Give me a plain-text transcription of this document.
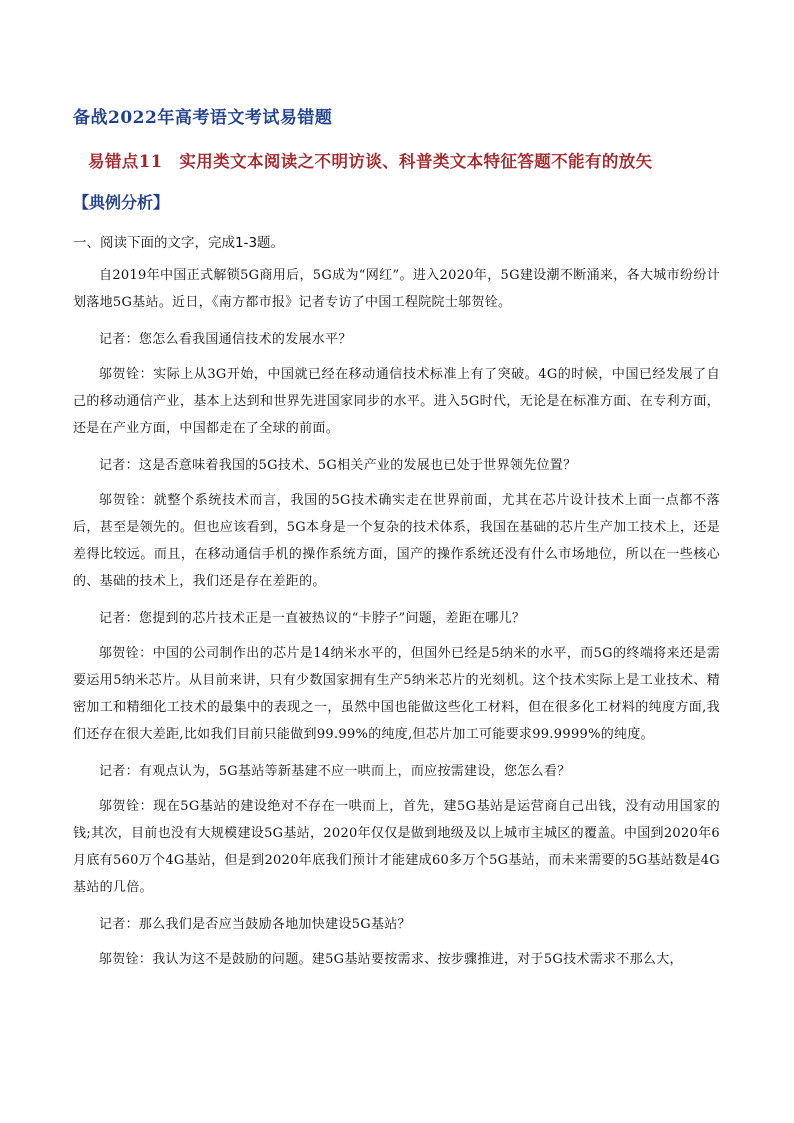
备战2022年高考语文考试易错题
易错点11　实用类文本阅读之不明访谈、科普类文本特征答题不能有的放矢
【典例分析】
一、阅读下面的文字，完成1-3题。

自2019年中国正式解锁5G商用后，5G成为“网红”。进入2020年，5G建设潮不断涌来，各大城市纷纷计划落地5G基站。近日，《南方都市报》记者专访了中国工程院院士邬贺铨。

记者：您怎么看我国通信技术的发展水平？

邬贺铨：实际上从3G开始，中国就已经在移动通信技术标准上有了突破。4G的时候，中国已经发展了自己的移动通信产业，基本上达到和世界先进国家同步的水平。进入5G时代，无论是在标准方面、在专利方面，还是在产业方面，中国都走在了全球的前面。

记者：这是否意味着我国的5G技术、5G相关产业的发展也已处于世界领先位置？

邬贺铨：就整个系统技术而言，我国的5G技术确实走在世界前面，尤其在芯片设计技术上面一点都不落后，甚至是领先的。但也应该看到，5G本身是一个复杂的技术体系，我国在基础的芯片生产加工技术上，还是差得比较远。而且，在移动通信手机的操作系统方面，国产的操作系统还没有什么市场地位，所以在一些核心的、基础的技术上，我们还是存在差距的。

记者：您提到的芯片技术正是一直被热议的“卡脖子”问题，差距在哪儿？

邬贺铨：中国的公司制作出的芯片是14纳米水平的，但国外已经是5纳米的水平，而5G的终端将来还是需要运用5纳米芯片。从目前来讲，只有少数国家拥有生产5纳米芯片的光刻机。这个技术实际上是工业技术、精密加工和精细化工技术的最集中的表现之一，虽然中国也能做这些化工材料，但在很多化工材料的纯度方面,我们还存在很大差距,比如我们目前只能做到99.99%的纯度,但芯片加工可能要求99.9999%的纯度。

记者：有观点认为，5G基站等新基建不应一哄而上，而应按需建设，您怎么看？

邬贺铨：现在5G基站的建设绝对不存在一哄而上，首先，建5G基站是运营商自己出钱，没有动用国家的钱;其次，目前也没有大规模建设5G基站，2020年仅仅是做到地级及以上城市主城区的覆盖。中国到2020年6月底有560万个4G基站，但是到2020年底我们预计才能建成60多万个5G基站，而未来需要的5G基站数是4G基站的几倍。

记者：那么我们是否应当鼓励各地加快建设5G基站？

邬贺铨：我认为这不是鼓励的问题。建5G基站要按需求、按步骤推进，对于5G技术需求不那么大，
